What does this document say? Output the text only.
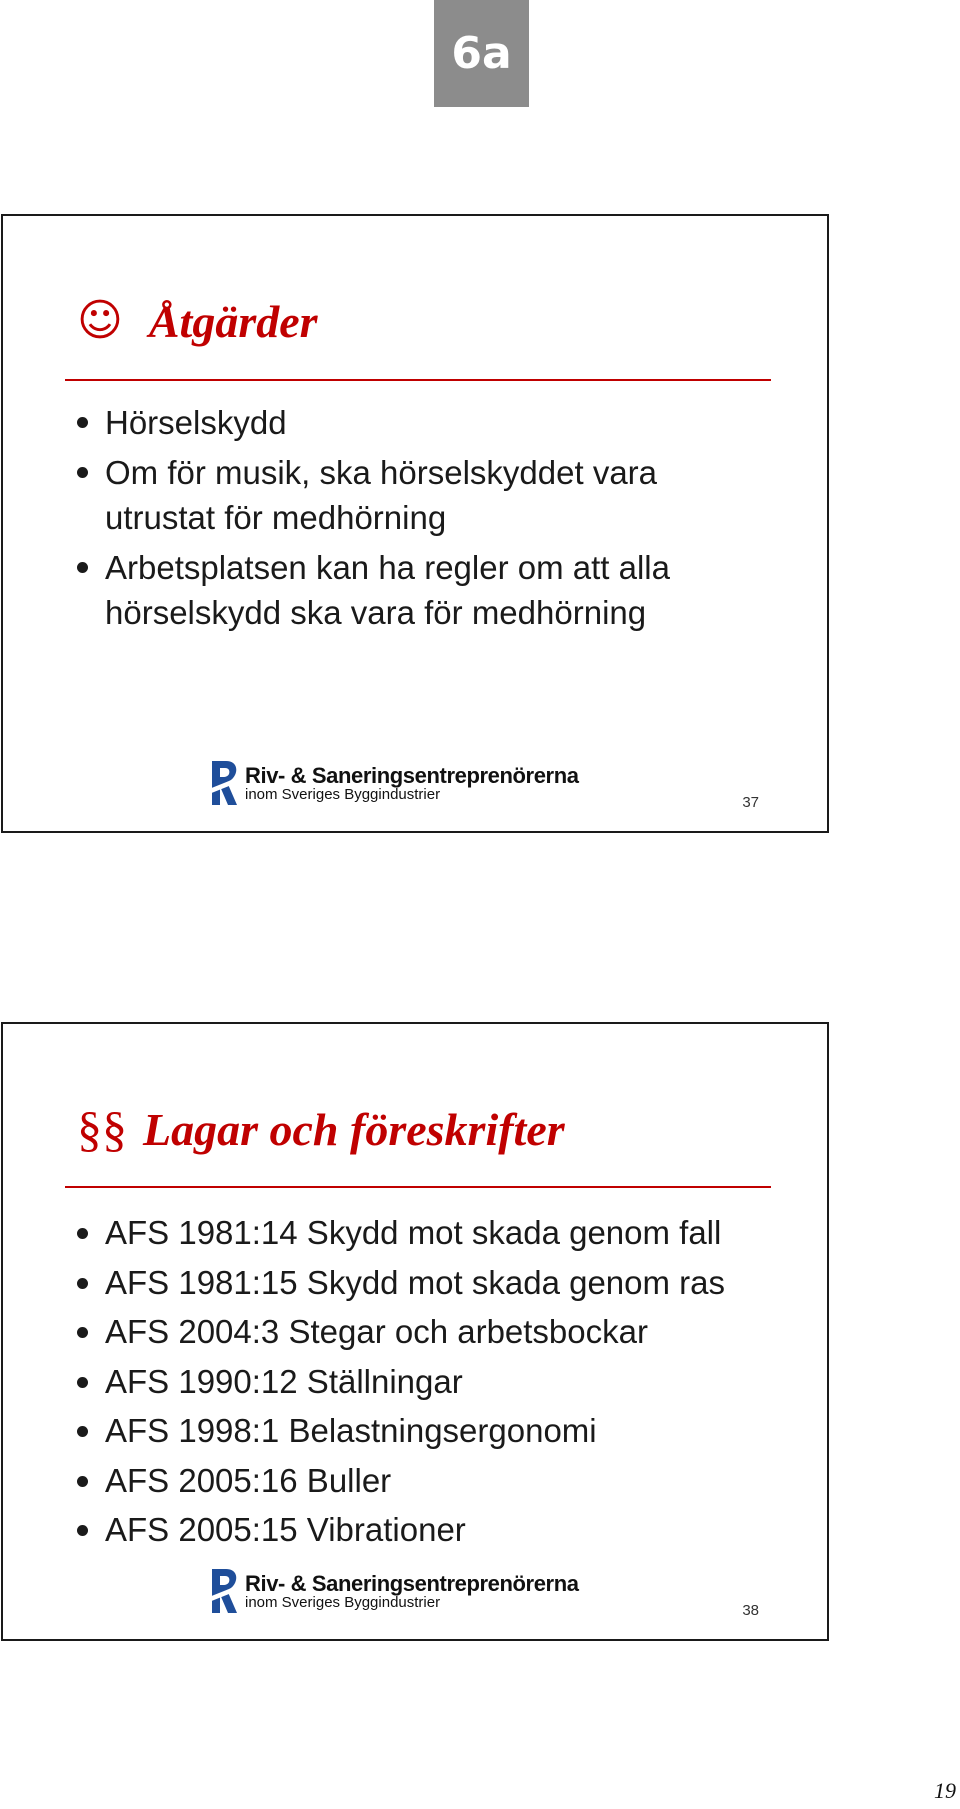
6a
☺ Åtgärder
Hörselskydd
Om för musik, ska hörselskyddet vara utrustat för medhörning
Arbetsplatsen kan ha regler om att alla hörselskydd ska vara för medhörning
Riv- & Saneringsentreprenörerna
inom Sveriges Byggindustrier	37
§§ Lagar och föreskrifter
AFS 1981:14 Skydd mot skada genom fall
AFS 1981:15 Skydd mot skada genom ras
AFS 2004:3 Stegar och arbetsbockar
AFS 1990:12 Ställningar
AFS 1998:1 Belastningsergonomi
AFS 2005:16 Buller
AFS 2005:15 Vibrationer
Riv- & Saneringsentreprenörerna
inom Sveriges Byggindustrier	38
19
